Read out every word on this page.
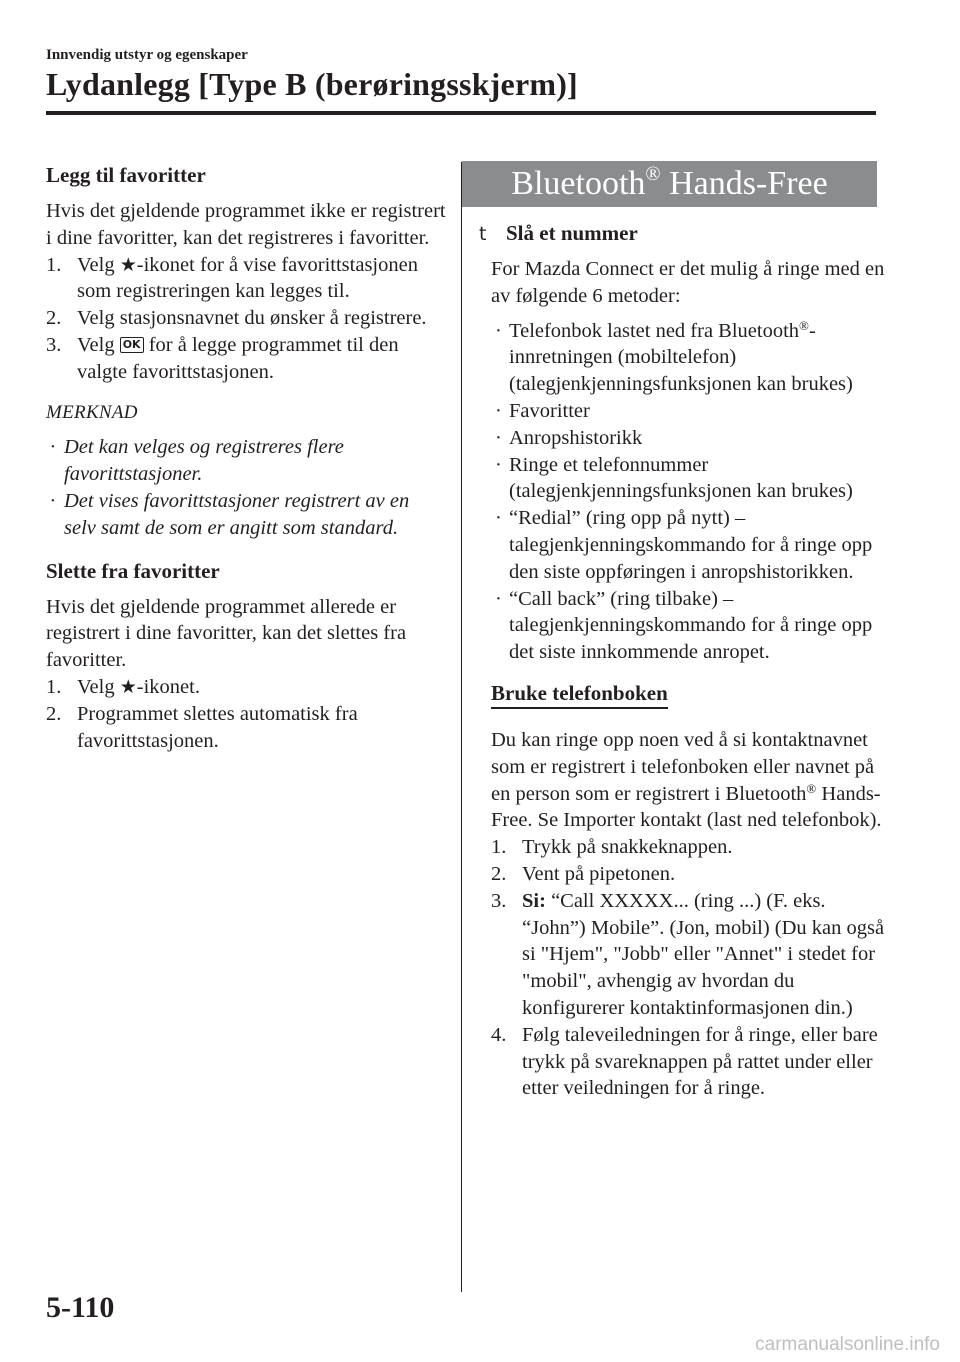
Innvendig utstyr og egenskaper
Lydanlegg [Type B (berøringsskjerm)]
Legg til favoritter

Hvis det gjeldende programmet ikke er registrert i dine favoritter, kan det registreres i favoritter.

1. Velg ★-ikonet for å vise favorittstasjonen som registreringen kan legges til.
2. Velg stasjonsnavnet du ønsker å registrere.
3. Velg OK for å legge programmet til den valgte favorittstasjonen.

MERKNAD

· Det kan velges og registreres flere favorittstasjoner.
· Det vises favorittstasjoner registrert av en selv samt de som er angitt som standard.
Slette fra favoritter

Hvis det gjeldende programmet allerede er registrert i dine favoritter, kan det slettes fra favoritter.

1. Velg ★-ikonet.
2. Programmet slettes automatisk fra favorittstasjonen.
Bluetooth® Hands-Free
t Slå et nummer

For Mazda Connect er det mulig å ringe med en av følgende 6 metoder:

· Telefonbok lastet ned fra Bluetooth®-innretningen (mobiltelefon) (talegjenkjenningsfunksjonen kan brukes)
· Favoritter
· Anropshistorikk
· Ringe et telefonnummer (talegjenkjenningsfunksjonen kan brukes)
· “Redial” (ring opp på nytt) – talegjenkjenningskommando for å ringe opp den siste oppføringen i anropshistorikken.
· “Call back” (ring tilbake) – talegjenkjenningskommando for å ringe opp det siste innkommende anropet.
Bruke telefonboken

Du kan ringe opp noen ved å si kontaktnavnet som er registrert i telefonboken eller navnet på en person som er registrert i Bluetooth® Hands-Free. Se Importer kontakt (last ned telefonbok).

1. Trykk på snakkeknappen.
2. Vent på pipetonen.
3. Si: “Call XXXXX... (ring ...) (F. eks. “John”) Mobile”. (Jon, mobil) (Du kan også si "Hjem", "Jobb" eller "Annet" i stedet for "mobil", avhengig av hvordan du konfigurerer kontaktinformasjonen din.)
4. Følg taleveiledningen for å ringe, eller bare trykk på svareknappen på rattet under eller etter veiledningen for å ringe.
5-110
carmanualsonline.info
